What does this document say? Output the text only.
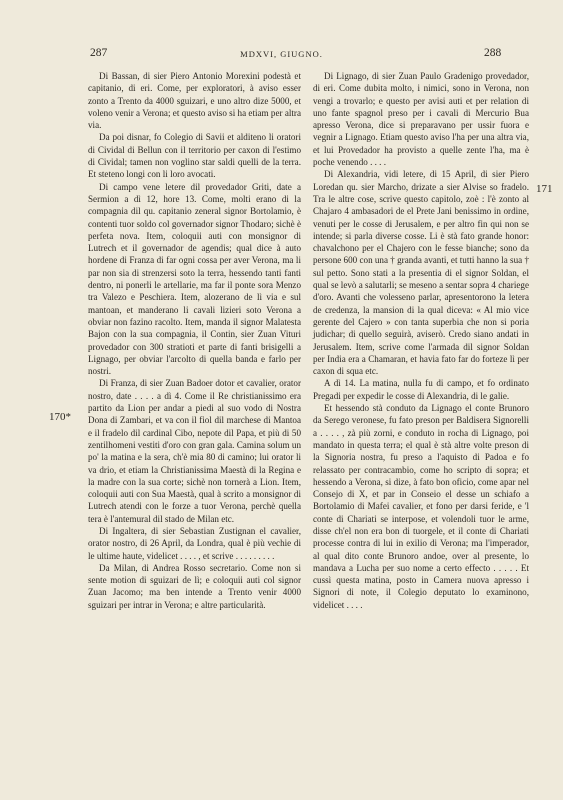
287	MDXVI, GIUGNO.	288
170*
171

Di Bassan, di sier Piero Antonio Morexini podestà et capitanio, di eri. Come, per exploratori, à aviso esser zonto a Trento da 4000 sguizari, e uno altro dize 5000, et voleno venir a Verona; et questo aviso si ha etiam per altra via.

Da poi disnar, fo Colegio di Savii et alditeno li oratori di Cividal di Bellun con il territorio per caxon di l'estimo di Cividal; tamen non voglino star saldi quelli de la terra. Et steteno longi con li loro avocati.

Di campo vene letere dil provedador Griti, date a Sermion a dì 12, hore 13. Come, molti erano di la compagnia dil qu. capitanio zeneral signor Bortolamio, è contenti tuor soldo col governador signor Thodaro; sichè è perfeta nova. Item, coloquii auti con monsignor di Lutrech et il governador de agendis; qual dice à auto hordene di Franza di far ogni cossa per aver Verona, ma li par non sia di strenzersi soto la terra, hessendo tanti fanti dentro, ni ponerli le artellarie, ma far il ponte sora Menzo tra Valezo e Peschiera. Item, alozerano de lì via e sul mantoan, et manderano li cavali lizieri soto Verona a obviar non fazino racolto. Item, manda il signor Malatesta Bajon con la sua compagnia, il Contin, sier Zuan Vituri provedador con 300 stratioti et parte di fanti brisigelli a Lignago, per obviar l'arcolto di quella banda e farlo per nostri.

Di Franza, di sier Zuan Badoer dotor et cavalier, orator nostro, date . . . . a dì 4. Come il Re christianissimo era partito da Lion per andar a piedi al suo vodo di Nostra Dona di Zambari, et va con il fiol dil marchese di Mantoa e il fradelo dil cardinal Cibo, nepote dil Papa, et più di 50 zentilhomeni vestiti d'oro con gran gala. Camina solum un po' la matina e la sera, ch'è mia 80 di camino; lui orator li va drio, et etiam la Christianissima Maestà di la Regina e la madre con la sua corte; sichè non tornerà a Lion. Item, coloquii auti con Sua Maestà, qual à scrito a monsignor di Lutrech atendi con le forze a tuor Verona, perchè quella tera è l'antemural dil stado de Milan etc.

Di Ingaltera, di sier Sebastian Zustignan el cavalier, orator nostro, di 26 April, da Londra, qual è più vechie di le ultime haute, videlicet . . . . , et scrive . . . . . . . . .

Da Milan, di Andrea Rosso secretario. Come non si sente motion di sguizari de lì; e coloquii auti col signor Zuan Jacomo; ma ben intende a Trento venir 4000 sguizari per intrar in Verona; e altre particularità.

Di Lignago, di sier Zuan Paulo Gradenigo provedador, di eri. Come dubita molto, i nimici, sono in Verona, non vengi a trovarlo; e questo per avisi auti et per relation di uno fante spagnol preso per i cavali di Mercurio Bua apresso Verona, dice si preparavano per ussir fuora e vegnir a Lignago. Etiam questo aviso l'ha per una altra via, et lui Provedador ha provisto a quelle zente l'ha, ma è poche venendo . . . .

Di Alexandria, vidi letere, di 15 April, di sier Piero Loredan qu. sier Marcho, drizate a sier Alvise so fradelo. Tra le altre cose, scrive questo capitolo, zoè : l'è zonto al Chajaro 4 ambasadori de el Prete Jani benissimo in ordine, venuti per le cosse di Jerusalem, e per altro fin qui non se intende; si parla diverse cosse. Li è stà fato grande honor: chavalchono per el Chajero con le fesse bianche; sono da persone 600 con una † granda avanti, et tutti hanno la sua † sul petto. Sono stati a la presentia di el signor Soldan, el qual se levò a salutarli; se meseno a sentar sopra 4 chariege d'oro. Avanti che volesseno parlar, apresentorono la letera de credenza, la mansion di la qual diceva: « Al mio vice gerente del Cajero » con tanta superbia che non si poria judichar; di quello seguirà, aviserò. Credo siano andati in Jerusalem. Item, scrive come l'armada dil signor Soldan per India era a Chamaran, et havia fato far do forteze lì per caxon di squa etc.

A dì 14. La matina, nulla fu di campo, et fo ordinato Pregadi per expedir le cosse di Alexandria, di le galie.

Et hessendo stà conduto da Lignago el conte Brunoro da Serego veronese, fu fato preson per Baldisera Signorelli a . . . . , zà più zorni, e conduto in rocha di Lignago, poi mandato in questa terra; el qual è stà altre volte preson di la Signoria nostra, fu preso a l'aquisto di Padoa e fo relassato per contracambio, come ho scripto di sopra; et hessendo a Verona, si dize, à fato bon oficio, come apar nel Consejo di X, et par in Conseio el desse un schiafo a Bortolamio di Mafei cavalier, et fono per darsi feride, e 'l conte di Chariati se interpose, et volendoli tuor le arme, disse ch'el non era bon di tuorgele, et il conte di Chariati processe contra di lui in exilio di Verona; ma l'imperador, al qual dito conte Brunoro andoe, over al presente, lo mandava a Lucha per suo nome a certo effecto . . . . . Et cussì questa matina, posto in Camera nuova apresso i Signori di note, il Colegio deputato lo examinono, videlicet . . . .
